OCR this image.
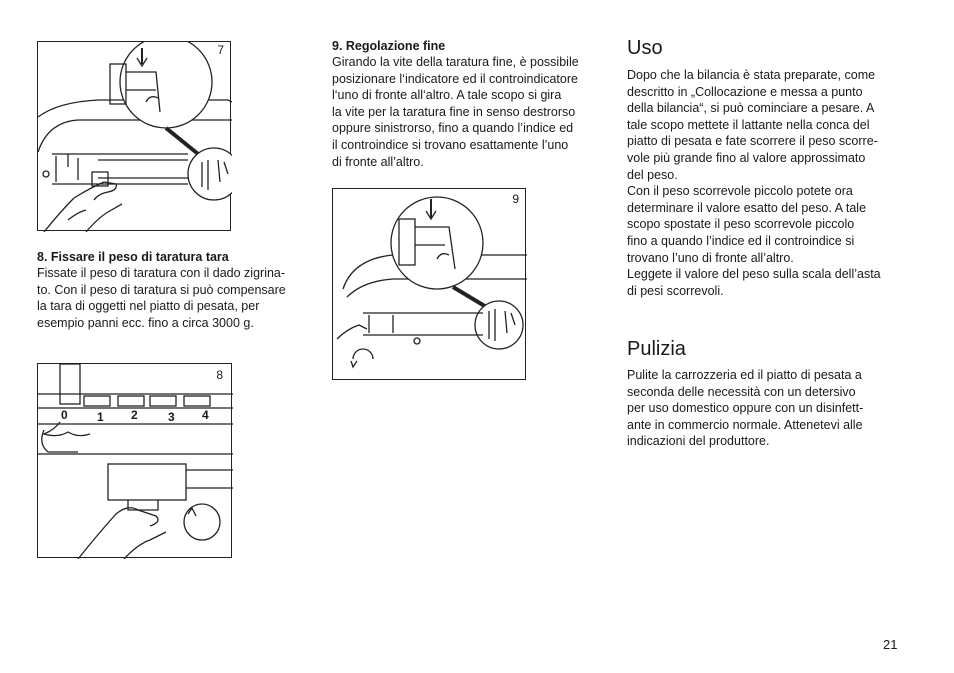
7
8. Fissare il peso di taratura tara
Fissate il peso di taratura con il dado zigrina-
to. Con il peso di taratura si può compensare
la tara di oggetti nel piatto di pesata, per
esempio panni ecc. fino a circa 3000 g.
8
0 1 2	3 4
9. Regolazione fine
Girando la vite della taratura fine, è possibile
posizionare l‘indicatore ed il controindicatore
l‘uno di fronte all‘altro. A tale scopo si gira
la vite per la taratura fine in senso destrorso
oppure sinistrorso, fino a quando l’indice ed
il controindice si trovano esattamente l’uno
di fronte all’altro.
9
Uso
Dopo che la bilancia è stata preparate, come
descritto in „Collocazione e messa a punto
della bilancia“, si può cominciare a pesare. A
tale scopo mettete il lattante nella conca del
piatto di pesata e fate scorrere il peso scorre-
vole più grande fino al valore approssimato
del peso.
Con il peso scorrevole piccolo potete ora
determinare il valore esatto del peso. A tale
scopo spostate il peso scorrevole piccolo
fino a quando l’indice ed il controindice si
trovano l’uno di fronte all’altro.
Leggete il valore del peso sulla scala dell’asta
di pesi scorrevoli.
Pulizia
Pulite la carrozzeria ed il piatto di pesata a
seconda delle necessità con un detersivo
per uso domestico oppure con un disinfett-
ante in commercio normale. Attenetevi alle
indicazioni del produttore.
21
